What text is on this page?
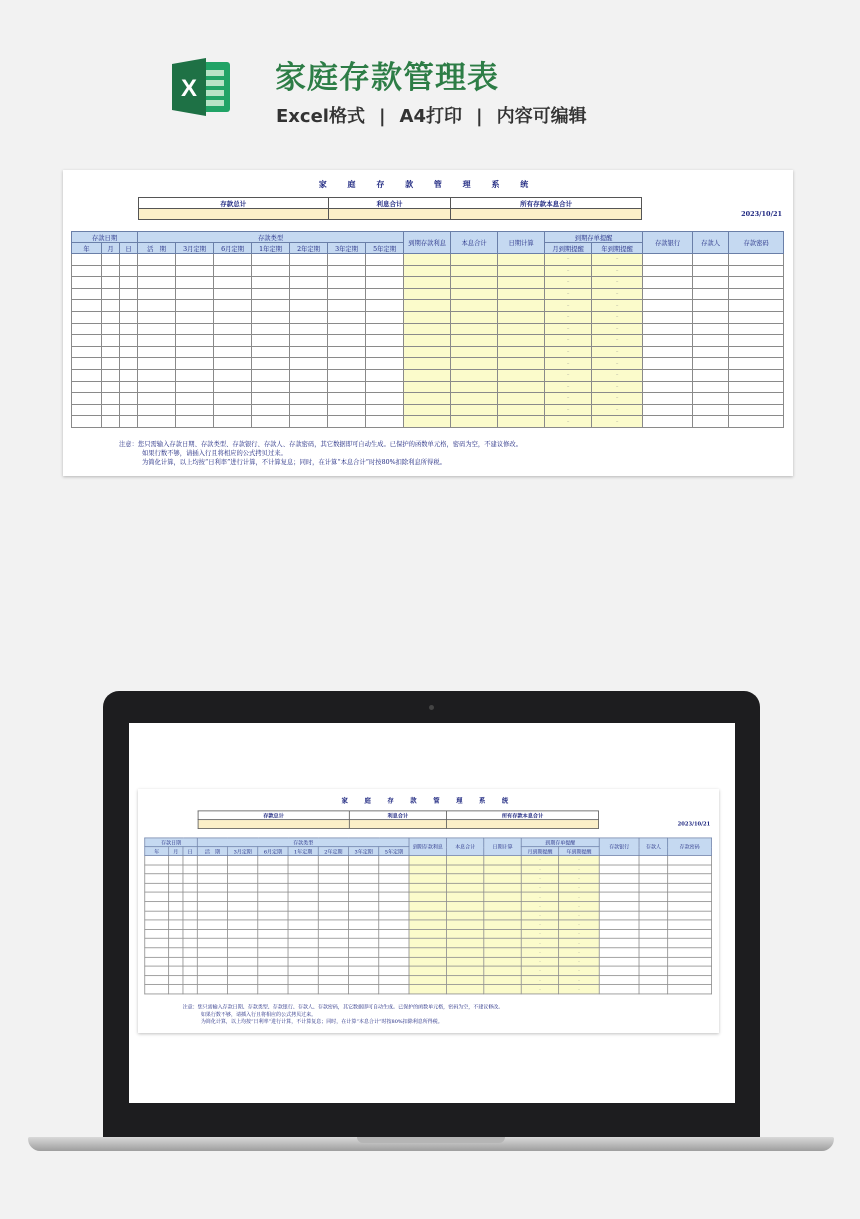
X	家庭存款管理表
Excel格式 | A4打印 | 内容可编辑
家 庭 存 款 管 理 系 统
存款总计	利息合计	所有存款本息合计

2023/10/21
存款日期			存款类型							到期存款利息	本息合计	日期计算	到期存单提醒		存款银行	存款人	存款密码
年	月	日	活　期	3月定期	6月定期	1年定期	2年定期	3年定期	5年定期				月到期提醒	年到期提醒			
													–	–			
													–	–			
													–	–			
													–	–			
													–	–			
													–	–			
													–	–			
													–	–			
													–	–			
													–	–			
													–	–			
													–	–			
													–	–			
													–	–			
													–	–			
注意：您只需输入存款日期、存款类型、存款银行、存款人、存款密码，其它数据即可自动生成。已保护的函数单元格，密码为空，不建议修改。
如果行数不够，请插入行且将相应的公式拷贝过来。
为简化计算，以上均按“日利率”进行计算，不计算复息；同时，在计算“本息合计”时按80%扣除利息所得税。
家 庭 存 款 管 理 系 统
存款总计	利息合计	所有存款本息合计

2023/10/21
存款日期			存款类型							到期存款利息	本息合计	日期计算	到期存单提醒		存款银行	存款人	存款密码
年	月	日	活　期	3月定期	6月定期	1年定期	2年定期	3年定期	5年定期				月到期提醒	年到期提醒			
													–	–			
													–	–			
													–	–			
													–	–			
													–	–			
													–	–			
													–	–			
													–	–			
													–	–			
													–	–			
													–	–			
													–	–			
													–	–			
													–	–			
													–	–			
注意：您只需输入存款日期、存款类型、存款银行、存款人、存款密码，其它数据即可自动生成。已保护的函数单元格，密码为空，不建议修改。
如果行数不够，请插入行且将相应的公式拷贝过来。
为简化计算，以上均按“日利率”进行计算，不计算复息；同时，在计算“本息合计”时按80%扣除利息所得税。
